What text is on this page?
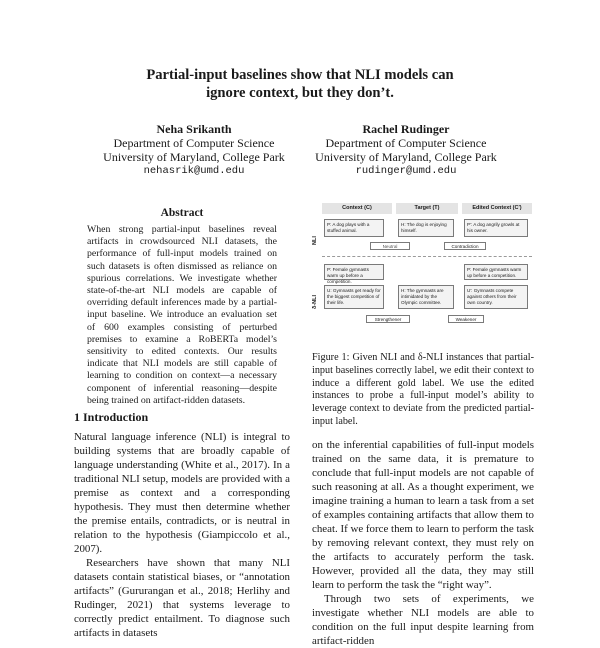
Partial-input baselines show that NLI models can
ignore context, but they don’t.
Neha Srikanth
Department of Computer Science
University of Maryland, College Park
nehasrik@umd.edu
Rachel Rudinger
Department of Computer Science
University of Maryland, College Park
rudinger@umd.edu
Abstract
When strong partial-input baselines reveal artifacts in crowdsourced NLI datasets, the performance of full-input models trained on such datasets is often dismissed as reliance on spurious correlations. We investigate whether state-of-the-art NLI models are capable of overriding default inferences made by a partial-input baseline. We introduce an evaluation set of 600 examples consisting of perturbed premises to examine a RoBERTa model’s sensitivity to edited contexts. Our results indicate that NLI models are still capable of learning to condition on context—a necessary component of inferential reasoning—despite being trained on artifact-ridden datasets.
1 Introduction

Natural language inference (NLI) is integral to building systems that are broadly capable of language understanding (White et al., 2017). In a traditional NLI setup, models are provided with a premise as context and a corresponding hypothesis. They must then determine whether the premise entails, contradicts, or is neutral in relation to the hypothesis (Giampiccolo et al., 2007).

Researchers have shown that many NLI datasets contain statistical biases, or “annotation artifacts” (Gururangan et al., 2018; Herlihy and Rudinger, 2021) that systems leverage to correctly predict entailment. To diagnose such artifacts in datasets

Context (C)	Target (T)	Edited Context (C′)
NLI
δ-NLI
P: A dog plays with a stuffed animal.
H: The dog is enjoying himself.
P′: A dog angrily growls at his owner.
Neutral	Contradiction
P: Female gymnasts warm up before a competition.
P: Female gymnasts warm up before a competition.
U: Gymnasts get ready for the biggest competition of their life.
H: The gymnasts are intimidated by the Olympic committee.
U′: Gymnasts compete against others from their own country.
Strengthener	Weakener
Figure 1: Given NLI and δ-NLI instances that partial-input baselines correctly label, we edit their context to induce a different gold label. We use the edited instances to probe a full-input model’s ability to leverage context to deviate from the predicted partial-input label.

on the inferential capabilities of full-input models trained on the same data, it is premature to conclude that full-input models are not capable of such reasoning at all. As a thought experiment, we imagine training a human to learn a task from a set of examples containing artifacts that allow them to cheat. If we force them to learn to perform the task by removing relevant context, they must rely on the artifacts to accurately perform the task. However, provided all the data, they may still learn to perform the task the “right way”.

Through two sets of experiments, we investigate whether NLI models are able to condition on the full input despite learning from artifact-ridden
